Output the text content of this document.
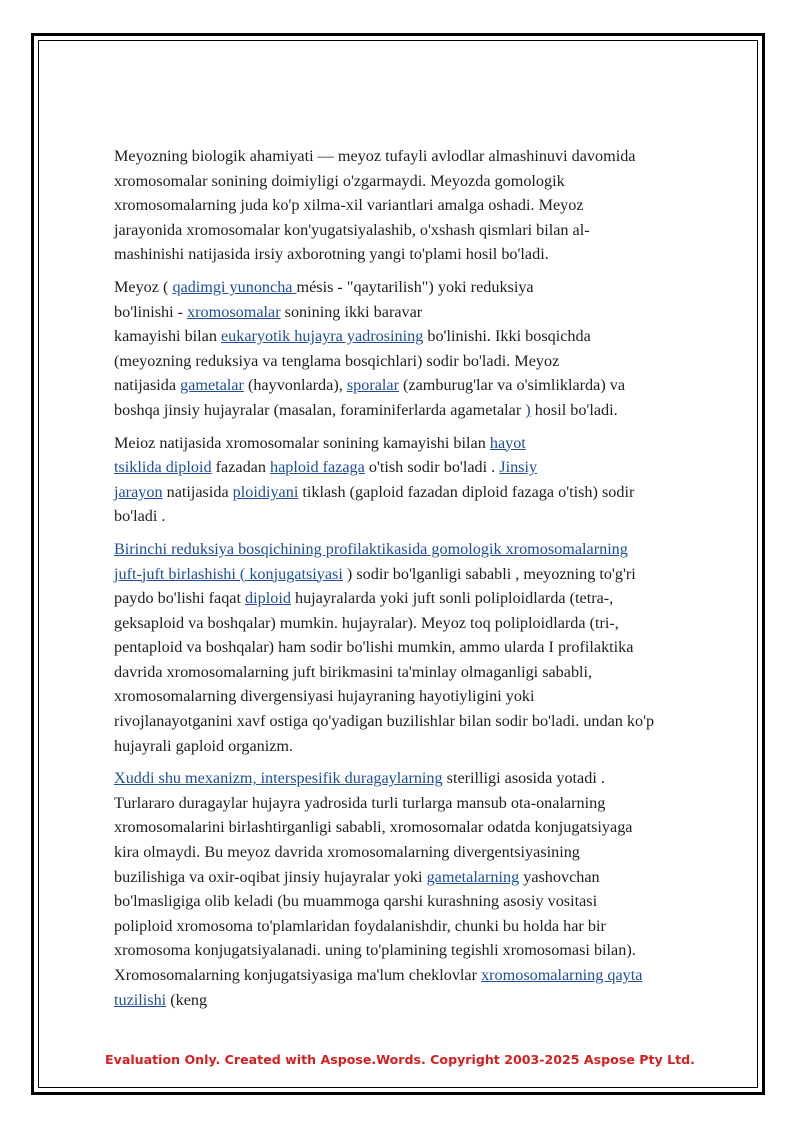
Meyozning biologik ahamiyati — meyoz tufayli avlodlar almashinuvi davomida
xromosomalar sonining doimiyligi o'zgarmaydi. Meyozda gomologik
xromosomalarning juda ko'p xilma-xil variantlari amalga oshadi. Meyoz
jarayonida xromosomalar kon'yugatsiyalashib, o'xshash qismlari bilan al-
mashinishi natijasida irsiy axborotning yangi to'plami hosil bo'ladi.

Meyoz ( qadimgi yunoncha mésis - "qaytarilish") yoki reduksiya
bo'linishi - xromosomalar sonining ikki baravar
kamayishi bilan eukaryotik hujayra yadrosining bo'linishi. Ikki bosqichda
(meyozning reduksiya va tenglama bosqichlari) sodir bo'ladi. Meyoz
natijasida gametalar (hayvonlarda), sporalar (zamburug'lar va o'simliklarda) va
boshqa jinsiy hujayralar (masalan, foraminiferlarda agametalar ) hosil bo'ladi.

Meioz natijasida xromosomalar sonining kamayishi bilan hayot
tsiklida diploid fazadan haploid fazaga o'tish sodir bo'ladi . Jinsiy
jarayon natijasida ploidiyani tiklash (gaploid fazadan diploid fazaga o'tish) sodir
bo'ladi .

Birinchi reduksiya bosqichining profilaktikasida gomologik xromosomalarning
juft-juft birlashishi ( konjugatsiyasi ) sodir bo'lganligi sababli , meyozning to'g'ri
paydo bo'lishi faqat diploid hujayralarda yoki juft sonli poliploidlarda (tetra-,
geksaploid va boshqalar) mumkin. hujayralar). Meyoz toq poliploidlarda (tri-,
pentaploid va boshqalar) ham sodir bo'lishi mumkin, ammo ularda I profilaktika
davrida xromosomalarning juft birikmasini ta'minlay olmaganligi sababli,
xromosomalarning divergensiyasi hujayraning hayotiyligini yoki
rivojlanayotganini xavf ostiga qo'yadigan buzilishlar bilan sodir bo'ladi. undan ko'p
hujayrali gaploid organizm.

Xuddi shu mexanizm, interspesifik duragaylarning sterilligi asosida yotadi .
Turlararo duragaylar hujayra yadrosida turli turlarga mansub ota-onalarning
xromosomalarini birlashtirganligi sababli, xromosomalar odatda konjugatsiyaga
kira olmaydi. Bu meyoz davrida xromosomalarning divergentsiyasining
buzilishiga va oxir-oqibat jinsiy hujayralar yoki gametalarning yashovchan
bo'lmasligiga olib keladi (bu muammoga qarshi kurashning asosiy vositasi
poliploid xromosoma to'plamlaridan foydalanishdir, chunki bu holda har bir
xromosoma konjugatsiyalanadi. uning to'plamining tegishli xromosomasi bilan).
Xromosomalarning konjugatsiyasiga ma'lum cheklovlar xromosomalarning qayta
tuzilishi (keng

Evaluation Only. Created with Aspose.Words. Copyright 2003-2025 Aspose Pty Ltd.
